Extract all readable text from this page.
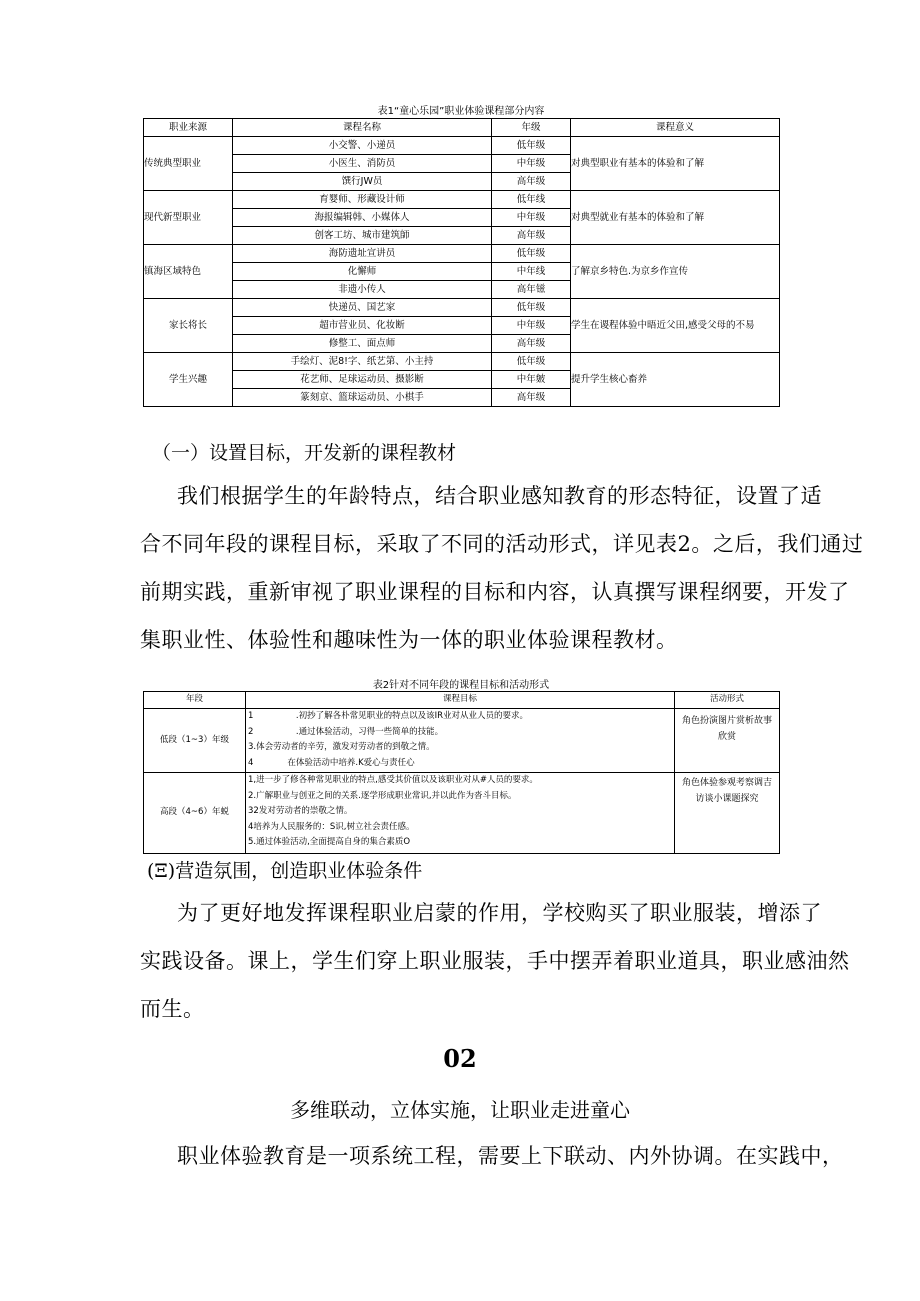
表1“童心乐园”职业体验课程部分内容
职业来源	课程名称	年级	课程意义
传统典型职业	小交警、小递员	低年级	对典型职业有基本的体验和了解
	小医生、消防员	中年级	
	馔行JW员	高年级	
现代新型职业	育婴师、形藏设计师	低年线	对典型就业有基本的体验和了解
	海报编辑韩、小媒体人	中年级	
	创客工坊、城市建筑師	高年级	
镇海区域特色	海防遗址宣讲员	低年级	了解京乡特色.为京乡作宣传
	化懈师	中年线	
	非遗小传人	高年镃	
家长将长	快递员、国艺家	低年级	学生在谡程体验中晤近父田,感受父母的不易
	超市营业员、化妆断	中年级	
	修整工、面点师	高年级	
学生兴趣	手绘灯、泥8!字、纸艺第、小主持	低年级	提升学生核心畜养
	花艺师、足球运动员、摄影断	中年皴	
	篆刻京、篮球运动员、小棋手	高年级	
（一）设置目标，开发新的课程教材
我们根据学生的年龄特点，结合职业感知教育的形态特征，设置了适
合不同年段的课程目标，采取了不同的活动形式，详见表2。之后，我们通过
前期实践，重新审视了职业课程的目标和内容，认真撰写课程纲要，开发了
集职业性、体验性和趣味性为一体的职业体验课程教材。
表2针对不同年段的课程目标和活动形式
年段	课程目标	活动形式
低段（1~3）年级	1　　　　　.初抄了解各朴常见职业的特点以及该IR业对从业人员的要求。
2　　　　　.通过体验活动，习得一些简单的技能。
3.体会劳动者的辛劳，激发对劳动者的到敬之情。
4　　　　在体验活动中培养.K爱心与责任心	角色扮演图片赏析故事欣赏

高段（4~6）年蜕	1,进一步了修各种常见职业的特点,感受其价值以及该职业对从#人员的要求。
2.广解职业与创亚之间的关系.逐学形成职业常识,并以此作为沓斗目标。
32发对劳动者的崇敬之情。
4培养为人民服务的：S识,树立社会责任感。
5.通过体验活动,全面提高自身的集合素质O	角色体验参观考察调吉访谈小课题探究
(Ξ)营造氛围，创造职业体验条件
为了更好地发挥课程职业启蒙的作用，学校购买了职业服装，增添了
实践设备。课上，学生们穿上职业服装，手中摆弄着职业道具，职业感油然
而生。
02
多维联动，立体实施，让职业走进童心
职业体验教育是一项系统工程，需要上下联动、内外协调。在实践中，
